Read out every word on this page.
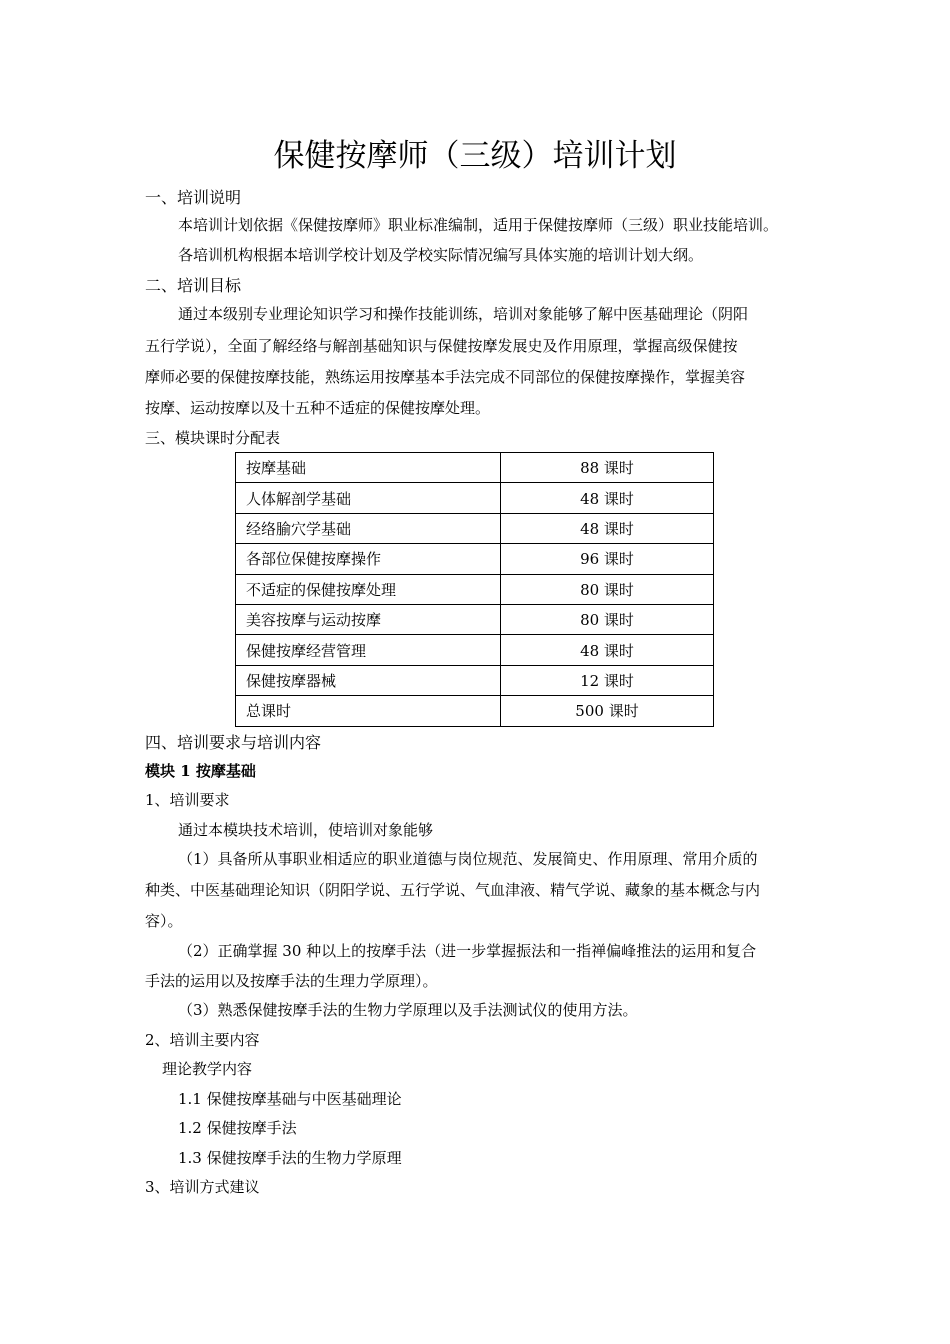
保健按摩师（三级）培训计划
一、培训说明
本培训计划依据《保健按摩师》职业标准编制，适用于保健按摩师（三级）职业技能培训。
各培训机构根据本培训学校计划及学校实际情况编写具体实施的培训计划大纲。
二、培训目标
通过本级别专业理论知识学习和操作技能训练，培训对象能够了解中医基础理论（阴阳
五行学说），全面了解经络与解剖基础知识与保健按摩发展史及作用原理，掌握高级保健按
摩师必要的保健按摩技能，熟练运用按摩基本手法完成不同部位的保健按摩操作，掌握美容
按摩、运动按摩以及十五种不适症的保健按摩处理。
三、模块课时分配表
按摩基础	88 课时
人体解剖学基础	48 课时
经络腧穴学基础	48 课时
各部位保健按摩操作	96 课时
不适症的保健按摩处理	80 课时
美容按摩与运动按摩	80 课时
保健按摩经营管理	48 课时
保健按摩器械	12 课时
总课时	500 课时
四、培训要求与培训内容
模块 1 按摩基础
1、培训要求
通过本模块技术培训，使培训对象能够
（1）具备所从事职业相适应的职业道德与岗位规范、发展简史、作用原理、常用介质的
种类、中医基础理论知识（阴阳学说、五行学说、气血津液、精气学说、藏象的基本概念与内
容）。
（2）正确掌握 30 种以上的按摩手法（进一步掌握振法和一指禅偏峰推法的运用和复合
手法的运用以及按摩手法的生理力学原理）。
（3）熟悉保健按摩手法的生物力学原理以及手法测试仪的使用方法。
2、培训主要内容
理论教学内容
1.1 保健按摩基础与中医基础理论
1.2 保健按摩手法
1.3 保健按摩手法的生物力学原理
3、培训方式建议
